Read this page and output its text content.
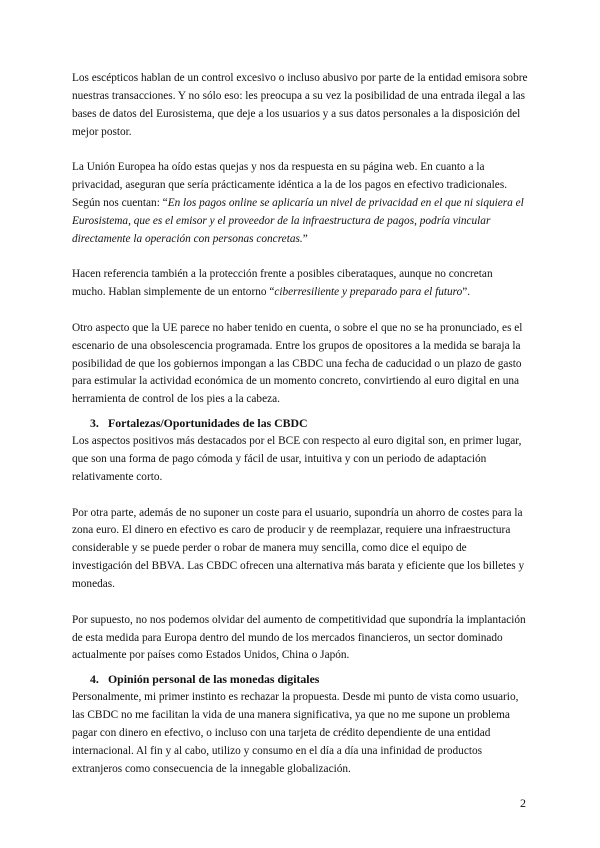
Los escépticos hablan de un control excesivo o incluso abusivo por parte de la entidad emisora sobre nuestras transacciones. Y no sólo eso: les preocupa a su vez la posibilidad de una entrada ilegal a las bases de datos del Eurosistema, que deje a los usuarios y a sus datos personales a la disposición del mejor postor.

La Unión Europea ha oído estas quejas y nos da respuesta en su página web. En cuanto a la privacidad, aseguran que sería prácticamente idéntica a la de los pagos en efectivo tradicionales. Según nos cuentan: “En los pagos online se aplicaría un nivel de privacidad en el que ni siquiera el Eurosistema, que es el emisor y el proveedor de la infraestructura de pagos, podría vincular directamente la operación con personas concretas.”

Hacen referencia también a la protección frente a posibles ciberataques, aunque no concretan mucho. Hablan simplemente de un entorno “ciberresiliente y preparado para el futuro”.

Otro aspecto que la UE parece no haber tenido en cuenta, o sobre el que no se ha pronunciado, es el escenario de una obsolescencia programada. Entre los grupos de opositores a la medida se baraja la posibilidad de que los gobiernos impongan a las CBDC una fecha de caducidad o un plazo de gasto para estimular la actividad económica de un momento concreto, convirtiendo al euro digital en una herramienta de control de los pies a la cabeza.

3. Fortalezas/Oportunidades de las CBDC

Los aspectos positivos más destacados por el BCE con respecto al euro digital son, en primer lugar, que son una forma de pago cómoda y fácil de usar, intuitiva y con un periodo de adaptación relativamente corto.

Por otra parte, además de no suponer un coste para el usuario, supondría un ahorro de costes para la zona euro. El dinero en efectivo es caro de producir y de reemplazar, requiere una infraestructura considerable y se puede perder o robar de manera muy sencilla, como dice el equipo de investigación del BBVA. Las CBDC ofrecen una alternativa más barata y eficiente que los billetes y monedas.

Por supuesto, no nos podemos olvidar del aumento de competitividad que supondría la implantación de esta medida para Europa dentro del mundo de los mercados financieros, un sector dominado actualmente por países como Estados Unidos, China o Japón.

4. Opinión personal de las monedas digitales

Personalmente, mi primer instinto es rechazar la propuesta. Desde mi punto de vista como usuario, las CBDC no me facilitan la vida de una manera significativa, ya que no me supone un problema pagar con dinero en efectivo, o incluso con una tarjeta de crédito dependiente de una entidad internacional. Al fin y al cabo, utilizo y consumo en el día a día una infinidad de productos extranjeros como consecuencia de la innegable globalización.

2
